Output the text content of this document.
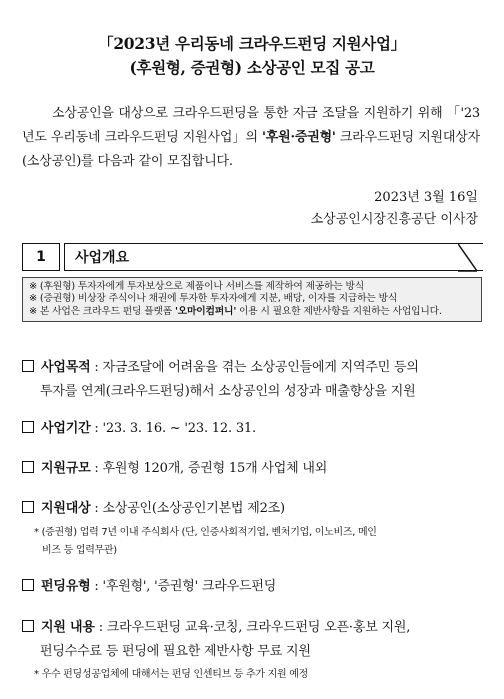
「2023년 우리동네 크라우드펀딩 지원사업」
(후원형, 증권형) 소상공인 모집 공고
소상공인을 대상으로 크라우드펀딩을 통한 자금 조달을 지원하기 위해 「'23년도 우리동네 크라우드펀딩 지원사업」의 '후원·증권형' 크라우드펀딩 지원대상자(소상공인)를 다음과 같이 모집합니다.
2023년 3월 16일
소상공인시장진흥공단 이사장
1	사업개요
※ (후원형) 투자자에게 투자보상으로 제품이나 서비스를 제작하여 제공하는 방식
※ (증권형) 비상장 주식이나 채권에 투자한 투자자에게 지분, 배당, 이자를 지급하는 방식
※ 본 사업은 크라우드 펀딩 플랫폼 '오마이컴퍼니' 이용 시 필요한 제반사항을 지원하는 사업입니다.
사업목적 : 자금조달에 어려움을 겪는 소상공인들에게 지역주민 등의
투자를 연계(크라우드펀딩)해서 소상공인의 성장과 매출향상을 지원
사업기간 : '23. 3. 16. ~ '23. 12. 31.
지원규모 : 후원형 120개, 증권형 15개 사업체 내외
지원대상 : 소상공인(소상공인기본법 제2조)
* (증권형) 업력 7년 이내 주식회사 (단, 인증사회적기업, 벤처기업, 이노비즈, 메인
비즈 등 업력무관)
펀딩유형 : '후원형', '증권형' 크라우드펀딩
지원 내용 : 크라우드펀딩 교육·코칭, 크라우드펀딩 오픈·홍보 지원,
펀딩수수료 등 펀딩에 필요한 제반사항 무료 지원
* 우수 펀딩성공업체에 대해서는 펀딩 인센티브 등 추가 지원 예정
